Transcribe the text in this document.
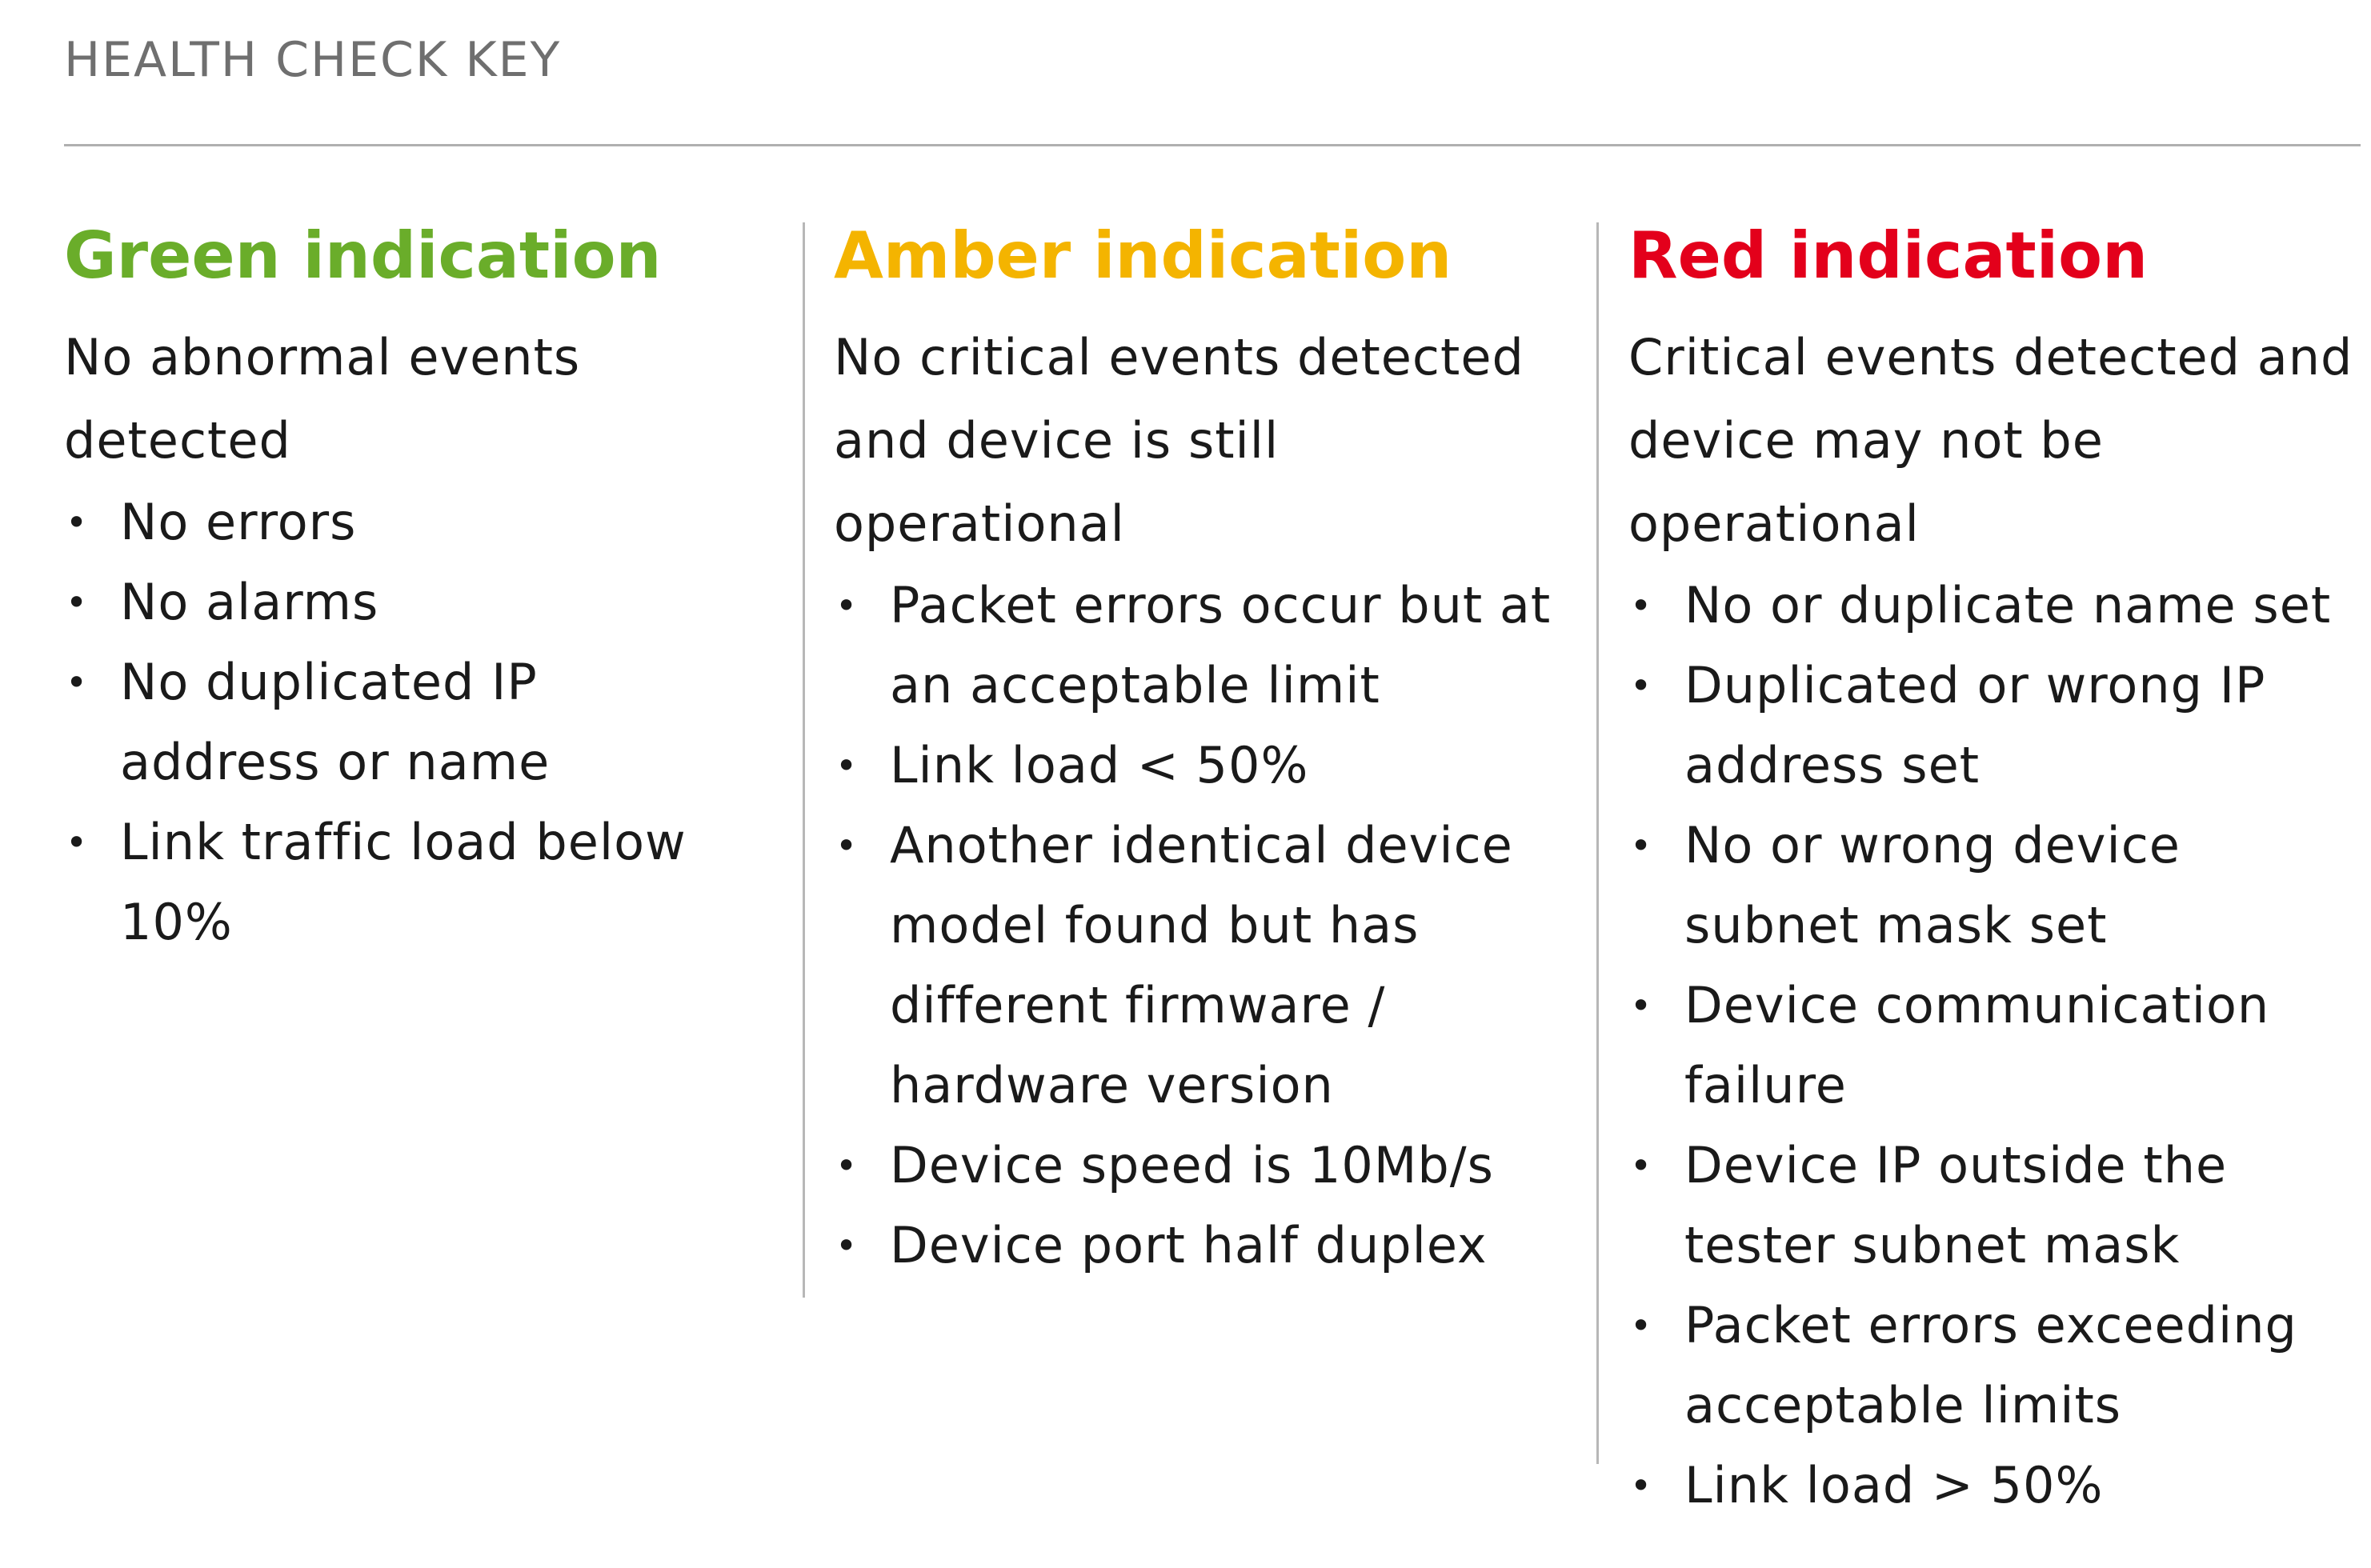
HEALTH CHECK KEY
Green indication

No abnormal events detected

• No errors
• No alarms
• No duplicated IP address or name
• Link traffic load below 10%
Amber indication

No critical events detected and device is still operational

• Packet errors occur but at an acceptable limit
• Link load < 50%
• Another identical device model found but has different firmware / hardware version
• Device speed is 10Mb/s
• Device port half duplex
Red indication

Critical events detected and device may not be operational

• No or duplicate name set
• Duplicated or wrong IP address set
• No or wrong device subnet mask set
• Device communication failure
• Device IP outside the tester subnet mask
• Packet errors exceeding acceptable limits
• Link load > 50%
